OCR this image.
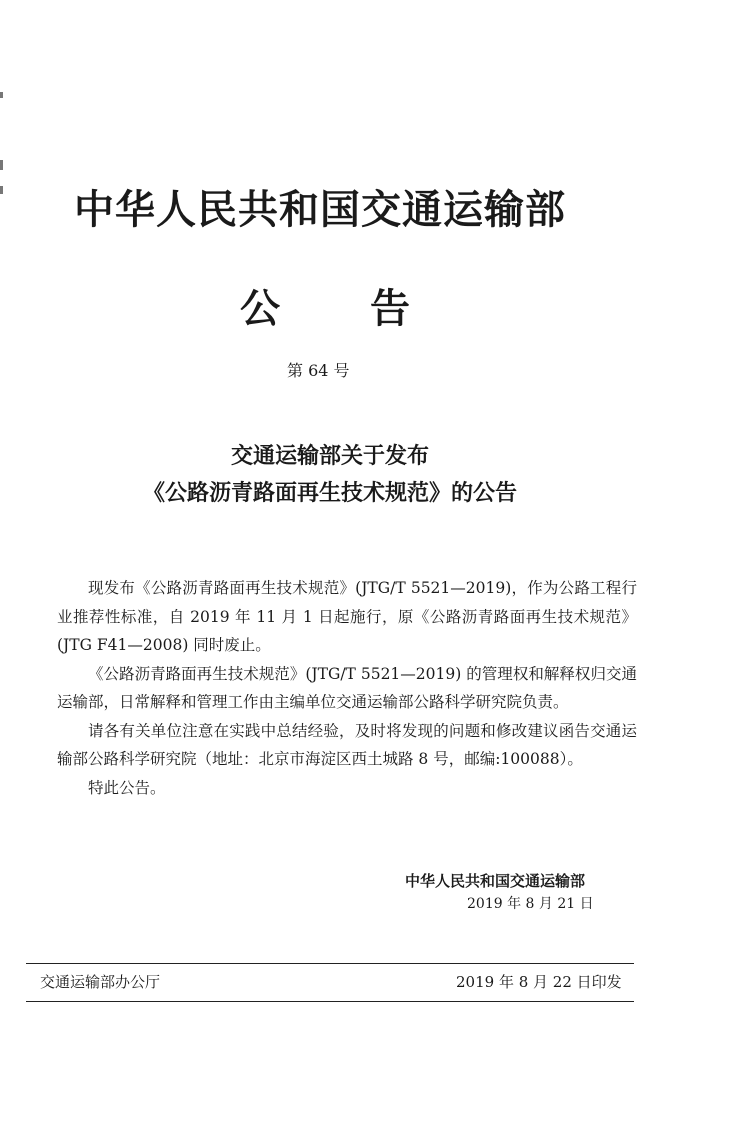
中华人民共和国交通运输部
公告
第 64 号
交通运输部关于发布
《公路沥青路面再生技术规范》的公告

现发布《公路沥青路面再生技术规范》(JTG/T 5521—2019)，作为公路工程行业推荐性标准，自 2019 年 11 月 1 日起施行，原《公路沥青路面再生技术规范》(JTG F41—2008) 同时废止。

《公路沥青路面再生技术规范》(JTG/T 5521—2019) 的管理权和解释权归交通运输部，日常解释和管理工作由主编单位交通运输部公路科学研究院负责。

请各有关单位注意在实践中总结经验，及时将发现的问题和修改建议函告交通运输部公路科学研究院（地址：北京市海淀区西土城路 8 号，邮编:100088）。

特此公告。

中华人民共和国交通运输部
2019 年 8 月 21 日
交通运输部办公厅	2019 年 8 月 22 日印发
